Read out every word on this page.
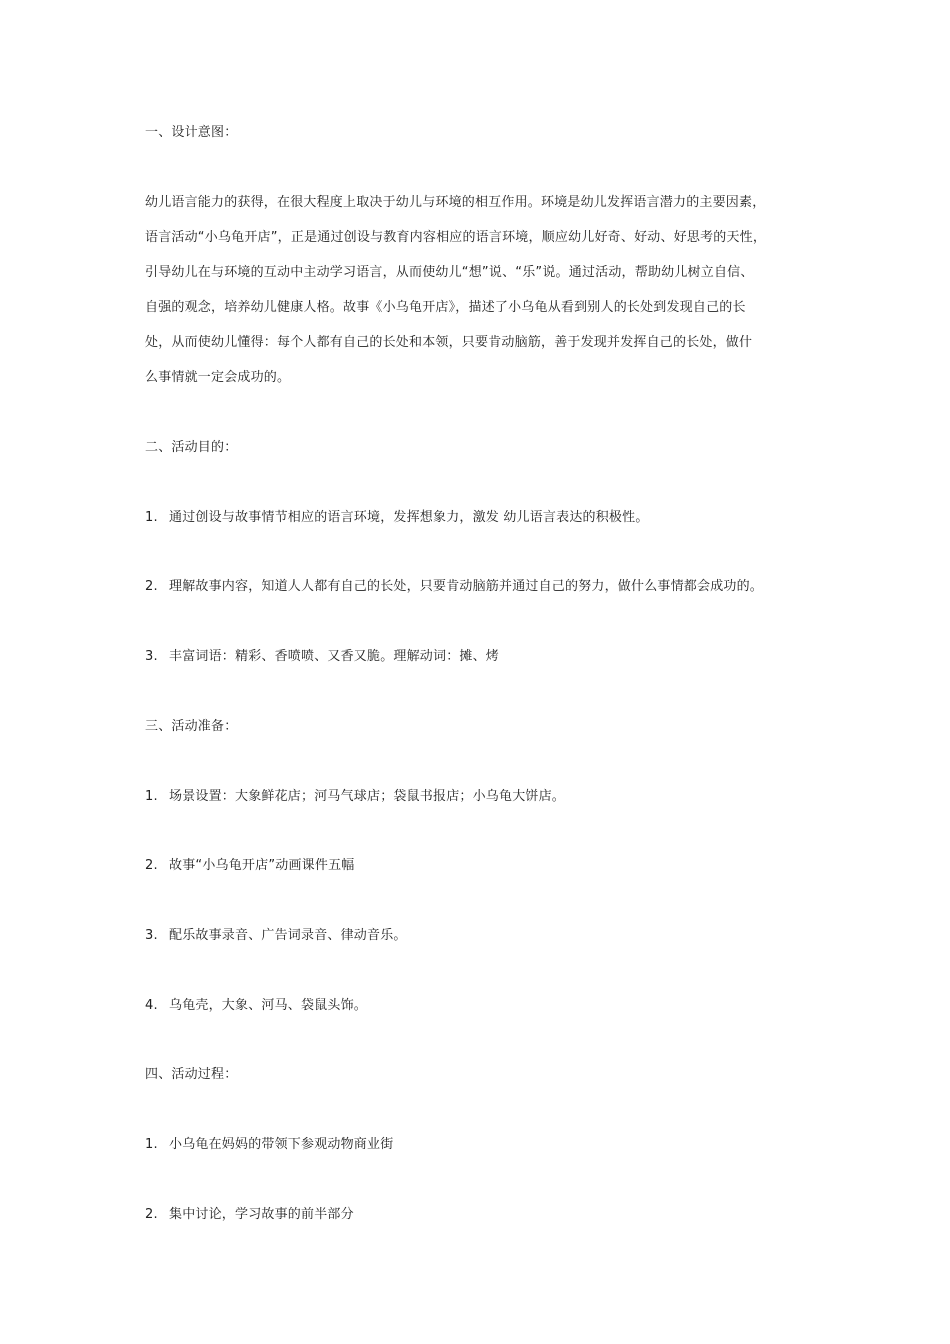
一、设计意图：
幼儿语言能力的获得，在很大程度上取决于幼儿与环境的相互作用。环境是幼儿发挥语言潜力的主要因素，
语言活动“小乌龟开店”，正是通过创设与教育内容相应的语言环境，顺应幼儿好奇、好动、好思考的天性，
引导幼儿在与环境的互动中主动学习语言，从而使幼儿“想”说、“乐”说。通过活动，帮助幼儿树立自信、
自强的观念，培养幼儿健康人格。故事《小乌龟开店》，描述了小乌龟从看到别人的长处到发现自己的长
处，从而使幼儿懂得：每个人都有自己的长处和本领，只要肯动脑筋，善于发现并发挥自己的长处，做什
么事情就一定会成功的。
二、活动目的：
1. 通过创设与故事情节相应的语言环境，发挥想象力，激发 幼儿语言表达的积极性。
2. 理解故事内容，知道人人都有自己的长处，只要肯动脑筋并通过自己的努力，做什么事情都会成功的。
3. 丰富词语：精彩、香喷喷、又香又脆。理解动词：摊、烤
三、活动准备：
1. 场景设置：大象鲜花店；河马气球店；袋鼠书报店；小乌龟大饼店。
2. 故事“小乌龟开店”动画课件五幅
3. 配乐故事录音、广告词录音、律动音乐。
4. 乌龟壳，大象、河马、袋鼠头饰。
四、活动过程：
1. 小乌龟在妈妈的带领下参观动物商业街
2. 集中讨论，学习故事的前半部分
